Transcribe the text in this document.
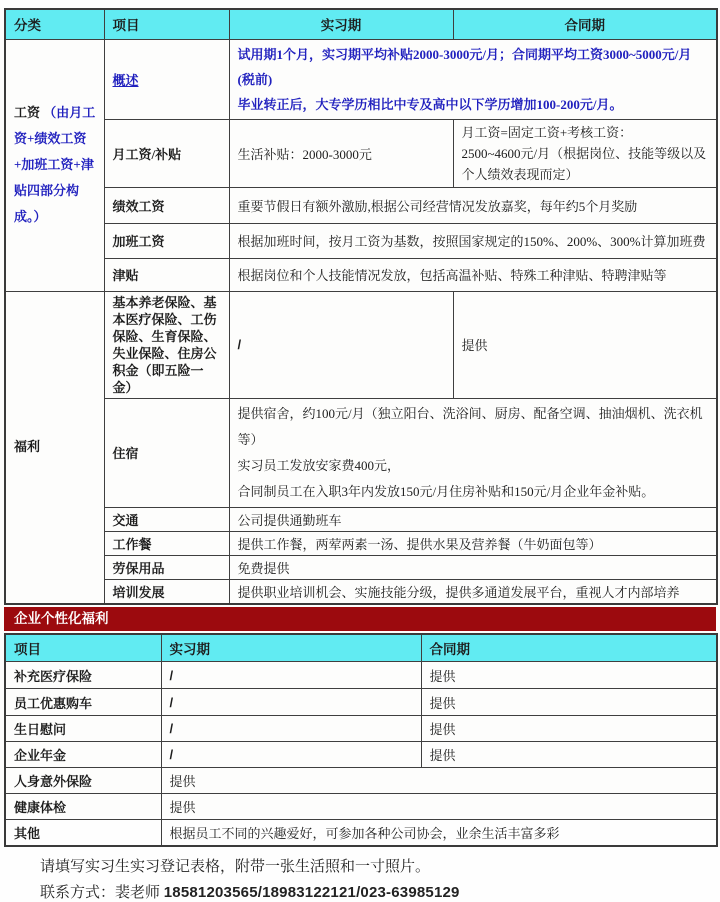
分类	项目	实习期	合同期
工资 （由月工资+绩效工资+加班工资+津贴四部分构成。）	概述	试用期1个月，实习期平均补贴2000-3000元/月；合同期平均工资3000~5000元/月(税前)
毕业转正后，大专学历相比中专及高中以下学历增加100-200元/月。	

	月工资/补贴	生活补贴：2000-3000元	月工资=固定工资+考核工资：
2500~4600元/月（根据岗位、技能等级以及个人绩效表现而定）

	绩效工资	重要节假日有额外激励,根据公司经营情况发放嘉奖，每年约5个月奖励	
	加班工资	根据加班时间，按月工资为基数，按照国家规定的150%、200%、300%计算加班费	
	津贴	根据岗位和个人技能情况发放，包括高温补贴、特殊工种津贴、特聘津贴等	
福利	基本养老保险、基本医疗保险、工伤保险、生育保险、失业保险、住房公积金（即五险一金）	/	提供
	住宿	提供宿舍，约100元/月（独立阳台、洗浴间、厨房、配备空调、抽油烟机、洗衣机等）
实习员工发放安家费400元，
合同制员工在入职3年内发放150元/月住房补贴和150元/月企业年金补贴。	

	交通	公司提供通勤班车	
	工作餐	提供工作餐，两荤两素一汤、提供水果及营养餐（牛奶面包等）	
	劳保用品	免费提供	
	培训发展	提供职业培训机会、实施技能分级，提供多通道发展平台，重视人才内部培养	
企业个性化福利
项目	实习期	合同期
补充医疗保险	/	提供
员工优惠购车	/	提供
生日慰问	/	提供
企业年金	/	提供
人身意外保险	提供	
健康体检	提供	
其他	根据员工不同的兴趣爱好，可参加各种公司协会，业余生活丰富多彩	
请填写实习生实习登记表格，附带一张生活照和一寸照片。
联系方式：裴老师 18581203565/18983122121/023-63985129
